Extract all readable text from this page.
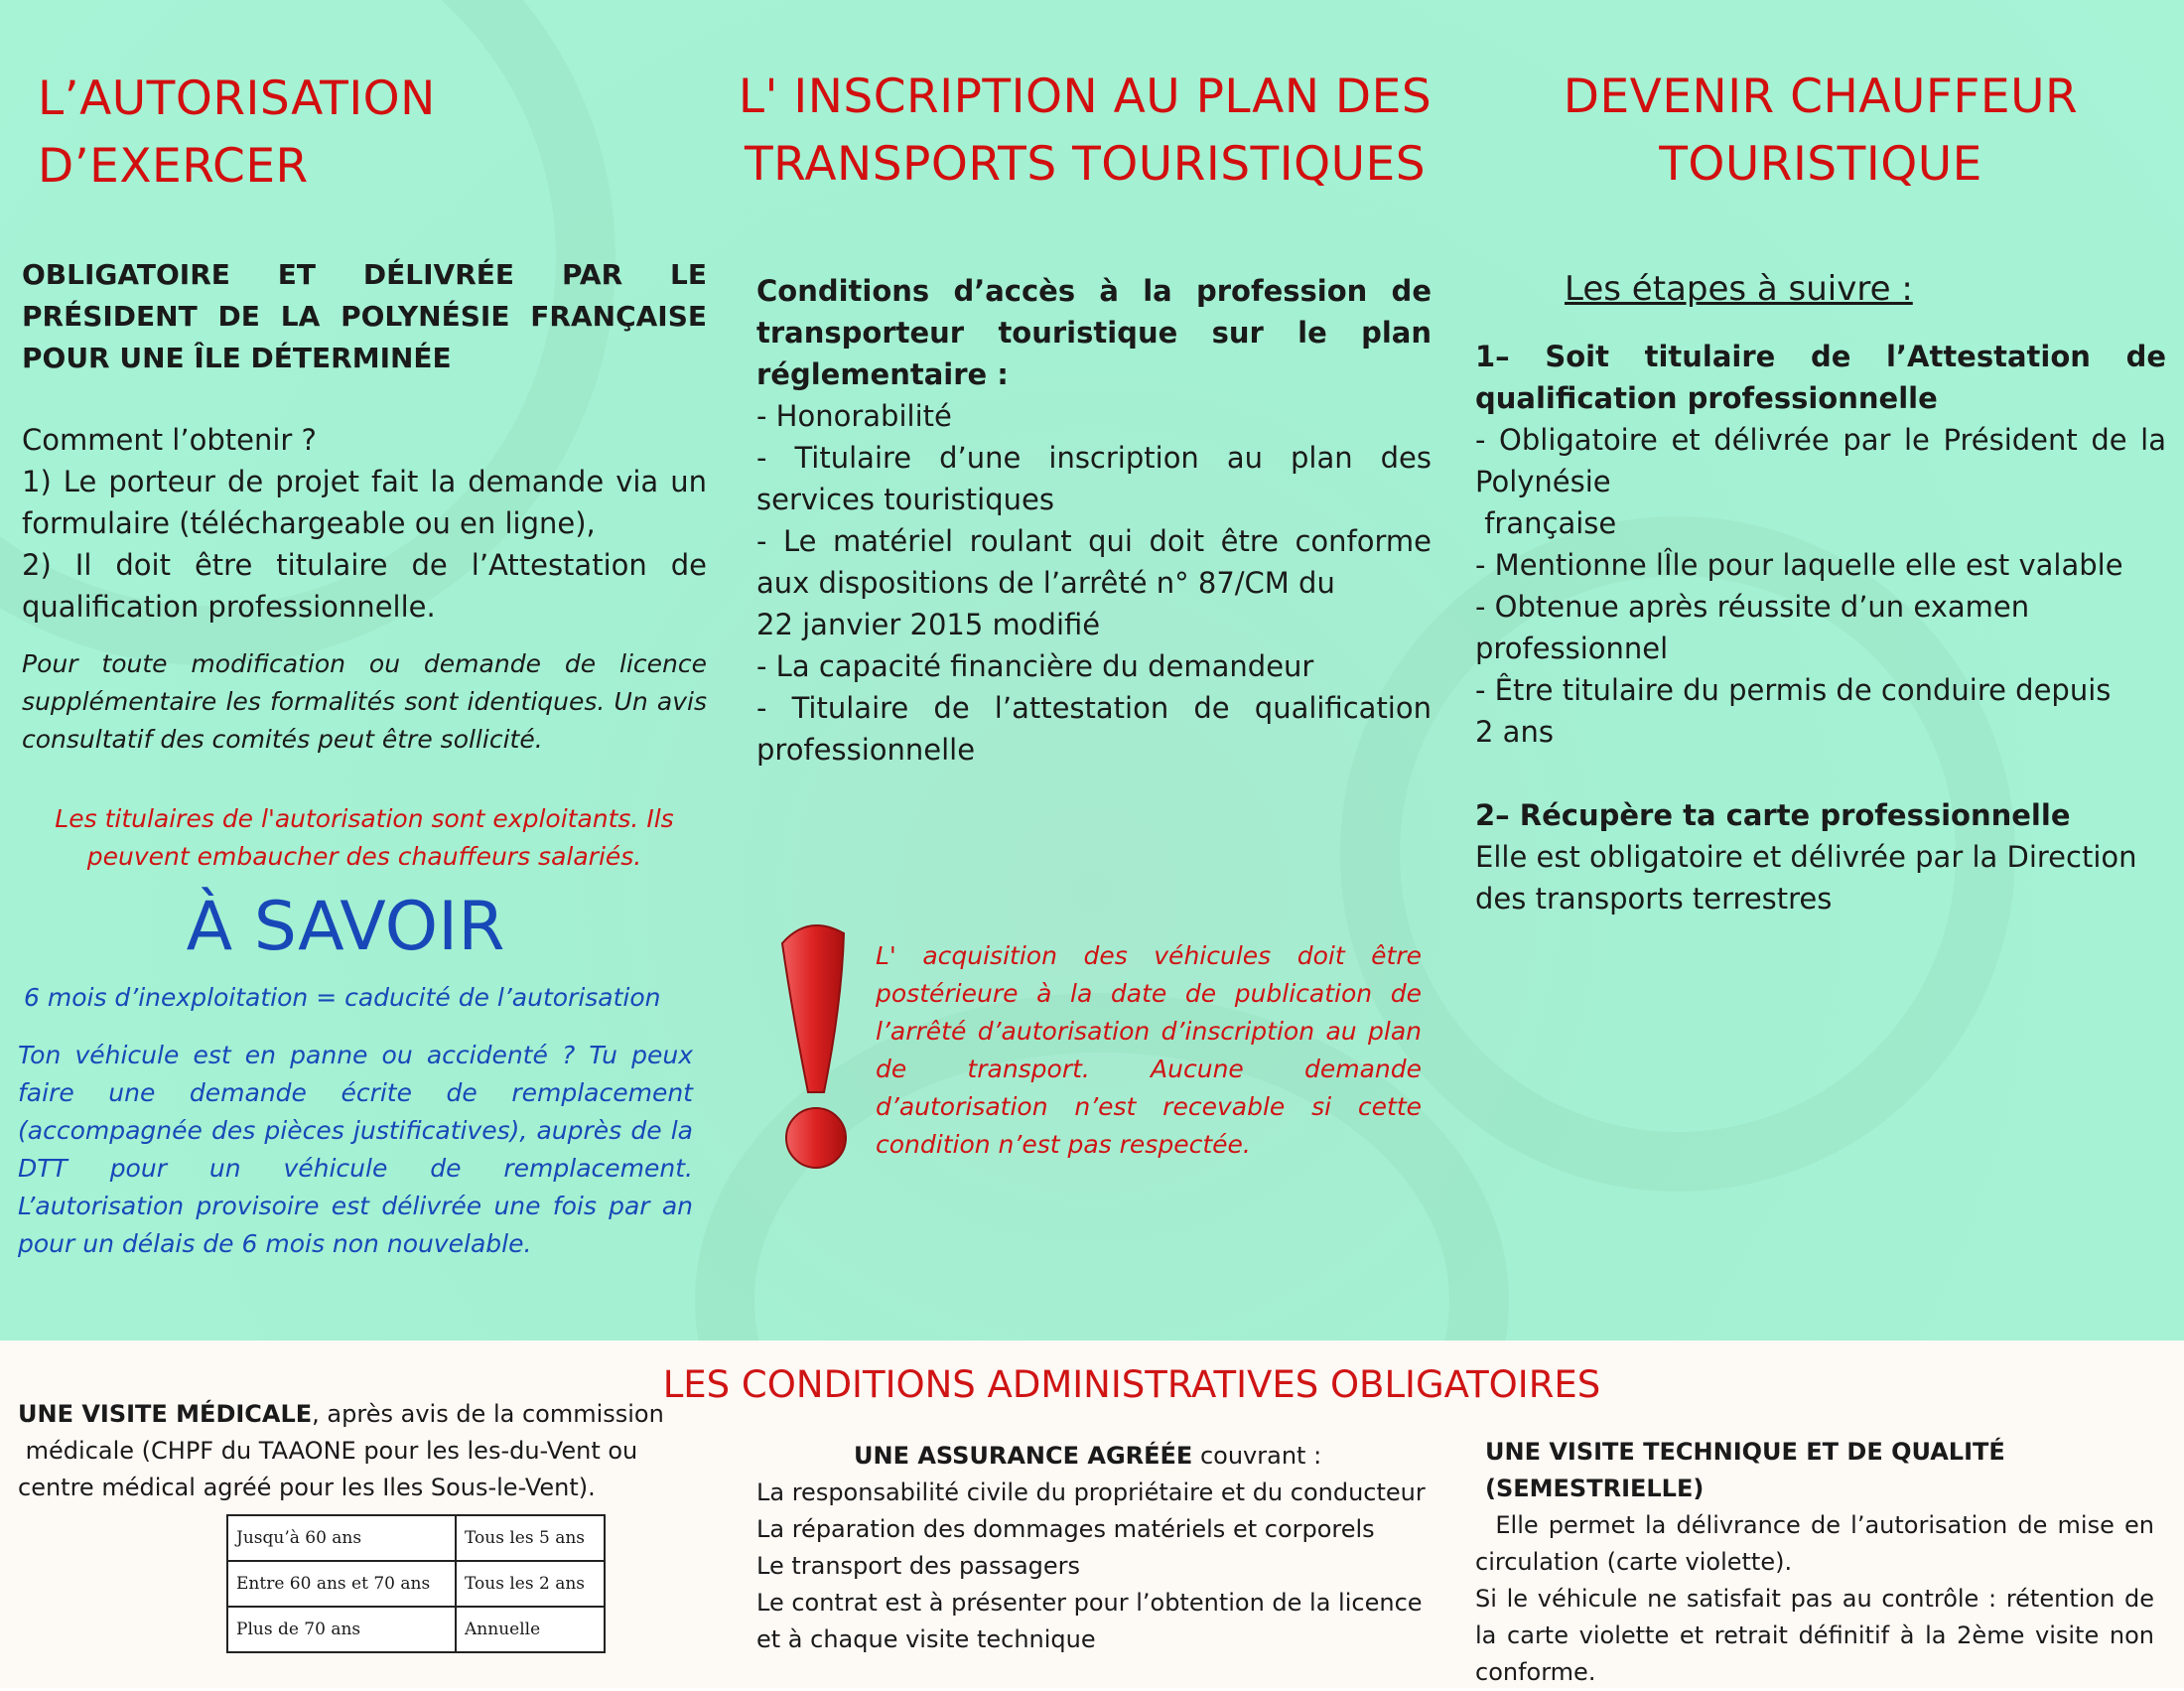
L’AUTORISATION D’EXERCER

OBLIGATOIRE ET DÉLIVRÉE PAR LE PRÉSIDENT DE LA POLYNÉSIE FRANÇAISE POUR UNE ÎLE DÉTERMINÉE

Comment l’obtenir ?

1) Le porteur de projet fait la demande via un formulaire (téléchargeable ou en ligne),

2) Il doit être titulaire de l’Attestation de qualification professionnelle.

Pour toute modification ou demande de licence supplémentaire les formalités sont identiques. Un avis consultatif des comités peut être sollicité.

Les titulaires de l'autorisation sont exploitants. Ils peuvent embaucher des chauffeurs salariés.

À SAVOIR

6 mois d’inexploitation = caducité de l’autorisation

Ton véhicule est en panne ou accidenté ? Tu peux faire une demande écrite de remplacement (accompagnée des pièces justificatives), auprès de la DTT pour un véhicule de remplacement. L’autorisation provisoire est délivrée une fois par an pour un délais de 6 mois non nouvelable.

L' INSCRIPTION AU PLAN DES
TRANSPORTS TOURISTIQUES

Conditions d’accès à la profession de transporteur touristique sur le plan réglementaire :

- Honorabilité

- Titulaire d’une inscription au plan des services touristiques

- Le matériel roulant qui doit être conforme aux dispositions de l’arrêté n° 87/CM du

22 janvier 2015 modifié

- La capacité financière du demandeur

- Titulaire de l’attestation de qualification professionnelle

L' acquisition des véhicules doit être postérieure à la date de publication de l’arrêté d’autorisation d’inscription au plan de transport. Aucune demande d’autorisation n’est recevable si cette condition n’est pas respectée.

DEVENIR CHAUFFEUR
TOURISTIQUE

Les étapes à suivre :

1– Soit titulaire de l’Attestation de qualification professionnelle

- Obligatoire et délivrée par le Président de la Polynésie

française

- Mentionne lÎle pour laquelle elle est valable

- Obtenue après réussite d’un examen professionnel

- Être titulaire du permis de conduire depuis

2 ans

2– Récupère ta carte professionnelle

Elle est obligatoire et délivrée par la Direction des transports terrestres

LES CONDITIONS ADMINISTRATIVES OBLIGATOIRES

UNE VISITE MÉDICALE, après avis de la commission

médicale (CHPF du TAAONE pour les les-du-Vent ou centre médical agréé pour les Iles Sous-le-Vent).

Jusqu’à 60 ans	Tous les 5 ans
Entre 60 ans et 70 ans	Tous les 2 ans
Plus de 70 ans	Annuelle

UNE ASSURANCE AGRÉÉE couvrant :

La responsabilité civile du propriétaire et du conducteur

La réparation des dommages matériels et corporels

Le transport des passagers

Le contrat est à présenter pour l’obtention de la licence et à chaque visite technique

UNE VISITE TECHNIQUE ET DE QUALITÉ (SEMESTRIELLE)

Elle permet la délivrance de l’autorisation de mise en circulation (carte violette).

Si le véhicule ne satisfait pas au contrôle : rétention de la carte violette et retrait définitif à la 2ème visite non conforme.
